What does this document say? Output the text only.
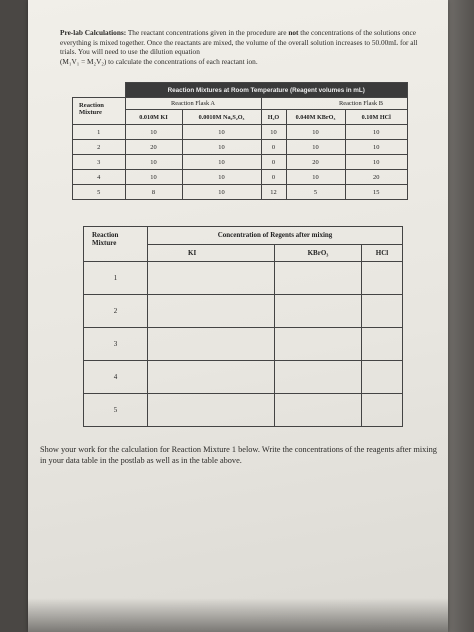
Pre-lab Calculations: The reactant concentrations given in the procedure are not the concentrations of the solutions once everything is mixed together. Once the reactants are mixed, the volume of the overall solution increases to 50.00mL for all trials. You will need to use the dilution equation
(M₁V₁ = M₂V₂) to calculate the concentrations of each reactant ion.
	Reaction Mixtures at Room Temperature (Reagent volumes in mL)				
Reaction
Mixture	Reaction Flask A		Reaction Flask B		
	0.010M KI	0.0010M Na₂S₂O₃	H₂O	0.040M KBrO₃	0.10M HCl
1	10	10	10	10	10
2	20	10	0	10	10
3	10	10	0	20	10
4	10	10	0	10	20
5	8	10	12	5	15
Reaction
Mixture	Concentration of Regents after mixing		
	KI	KBrO₃	HCl
1			
2			
3			
4			
5			
Show your work for the calculation for Reaction Mixture 1 below. Write the concentrations of the reagents after mixing in your data table in the postlab as well as in the table above.
